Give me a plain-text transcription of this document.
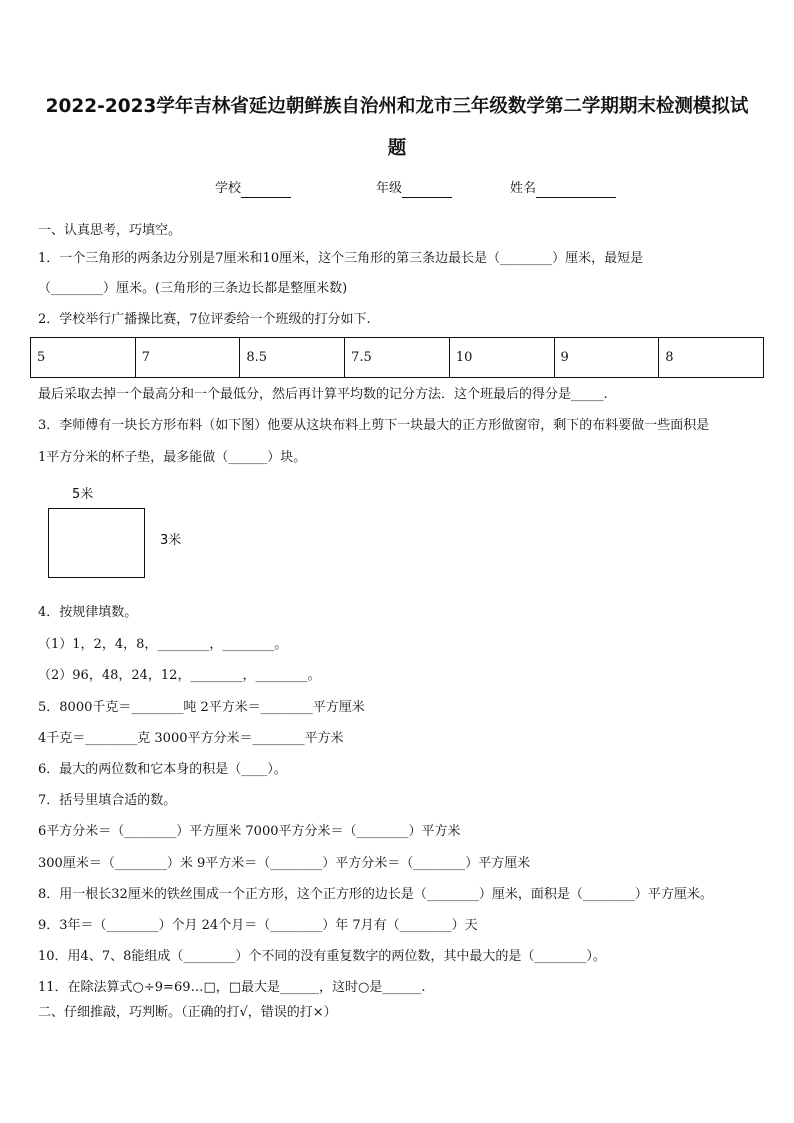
2022-2023学年吉林省延边朝鲜族自治州和龙市三年级数学第二学期期末检测模拟试
题
学校	年级	姓名
一、认真思考，巧填空。
1．一个三角形的两条边分别是7厘米和10厘米，这个三角形的第三条边最长是（________）厘米，最短是
（________）厘米。(三角形的三条边长都是整厘米数)
2．学校举行广播操比赛，7位评委给一个班级的打分如下.
5	7	8.5	7.5	10	9	8
最后采取去掉一个最高分和一个最低分，然后再计算平均数的记分方法．这个班最后的得分是_____.
3．李师傅有一块长方形布料（如下图）他要从这块布料上剪下一块最大的正方形做窗帘，剩下的布料要做一些面积是
1平方分米的杯子垫，最多能做（______）块。
5米
3米
4．按规律填数。
（1）1，2，4，8，________，________。
（2）96，48，24，12，________，________。
5．8000千克＝________吨 2平方米＝________平方厘米
4千克＝________克 3000平方分米＝________平方米
6．最大的两位数和它本身的积是（____）。
7．括号里填合适的数。
6平方分米＝（________）平方厘米 7000平方分米＝（________）平方米
300厘米＝（________）米 9平方米＝（________）平方分米＝（________）平方厘米
8．用一根长32厘米的铁丝围成一个正方形，这个正方形的边长是（________）厘米，面积是（________）平方厘米。
9．3年＝（________）个月 24个月＝（________）年 7月有（________）天
10．用4、7、8能组成（________）个不同的没有重复数字的两位数，其中最大的是（________）。
11．在除法算式○÷9=69…□，□最大是______，这时○是______.
二、仔细推敲，巧判断。（正确的打√，错误的打×）
